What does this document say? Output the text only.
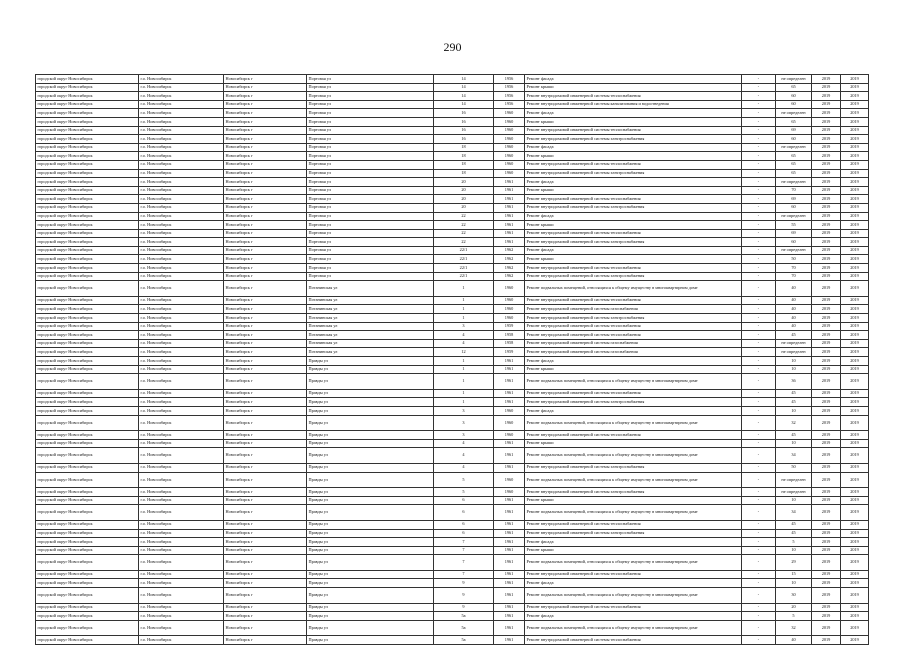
290
городской округ Новосибирск	г.о. Новосибирск	Новосибирск г	Портовая ул	14	1956	Ремонт фасада	-	не определен	2019	2019
городской округ Новосибирск	г.о. Новосибирск	Новосибирск г	Портовая ул	14	1956	Ремонт крыши	-	65	2019	2019
городской округ Новосибирск	г.о. Новосибирск	Новосибирск г	Портовая ул	14	1956	Ремонт внутридомовой инженерной системы теплоснабжения	-	60	2019	2019
городской округ Новосибирск	г.о. Новосибирск	Новосибирск г	Портовая ул	14	1956	Ремонт внутридомовой инженерной системы канализования и водоотведения	-	60	2019	2019
городской округ Новосибирск	г.о. Новосибирск	Новосибирск г	Портовая ул	16	1960	Ремонт фасада	-	не определен	2019	2019
городской округ Новосибирск	г.о. Новосибирск	Новосибирск г	Портовая ул	16	1960	Ремонт крыши	-	65	2019	2019
городской округ Новосибирск	г.о. Новосибирск	Новосибирск г	Портовая ул	16	1960	Ремонт внутридомовой инженерной системы теплоснабжения	-	69	2019	2019
городской округ Новосибирск	г.о. Новосибирск	Новосибирск г	Портовая ул	16	1960	Ремонт внутридомовой инженерной системы электроснабжения	-	60	2019	2019
городской округ Новосибирск	г.о. Новосибирск	Новосибирск г	Портовая ул	18	1960	Ремонт фасада	-	не определен	2019	2019
городской округ Новосибирск	г.о. Новосибирск	Новосибирск г	Портовая ул	18	1960	Ремонт крыши	-	65	2019	2019
городской округ Новосибирск	г.о. Новосибирск	Новосибирск г	Портовая ул	18	1960	Ремонт внутридомовой инженерной системы теплоснабжения	-	65	2019	2019
городской округ Новосибирск	г.о. Новосибирск	Новосибирск г	Портовая ул	18	1960	Ремонт внутридомовой инженерной системы электроснабжения	-	65	2019	2019
городской округ Новосибирск	г.о. Новосибирск	Новосибирск г	Портовая ул	20	1961	Ремонт фасада	-	не определен	2019	2019
городской округ Новосибирск	г.о. Новосибирск	Новосибирск г	Портовая ул	20	1961	Ремонт крыши	-	70	2019	2019
городской округ Новосибирск	г.о. Новосибирск	Новосибирск г	Портовая ул	20	1961	Ремонт внутридомовой инженерной системы теплоснабжения	-	69	2019	2019
городской округ Новосибирск	г.о. Новосибирск	Новосибирск г	Портовая ул	20	1961	Ремонт внутридомовой инженерной системы электроснабжения	-	60	2019	2019
городской округ Новосибирск	г.о. Новосибирск	Новосибирск г	Портовая ул	22	1961	Ремонт фасада	-	не определен	2019	2019
городской округ Новосибирск	г.о. Новосибирск	Новосибирск г	Портовая ул	22	1961	Ремонт крыши	-	55	2019	2019
городской округ Новосибирск	г.о. Новосибирск	Новосибирск г	Портовая ул	22	1961	Ремонт внутридомовой инженерной системы теплоснабжения	-	69	2019	2019
городской округ Новосибирск	г.о. Новосибирск	Новосибирск г	Портовая ул	22	1961	Ремонт внутридомовой инженерной системы электроснабжения	-	60	2019	2019
городской округ Новосибирск	г.о. Новосибирск	Новосибирск г	Портовая ул	22/1	1962	Ремонт фасада	-	не определен	2019	2019
городской округ Новосибирск	г.о. Новосибирск	Новосибирск г	Портовая ул	22/1	1962	Ремонт крыши	-	50	2019	2019
городской округ Новосибирск	г.о. Новосибирск	Новосибирск г	Портовая ул	22/1	1962	Ремонт внутридомовой инженерной системы теплоснабжения	-	70	2019	2019
городской округ Новосибирск	г.о. Новосибирск	Новосибирск г	Портовая ул	22/1	1962	Ремонт внутридомовой инженерной системы электроснабжения	-	70	2019	2019
городской округ Новосибирск	г.о. Новосибирск	Новосибирск г	Потанинская ул	1	1960	Ремонт подвальных помещений, относящихся к общему имуществу в многоквартирном доме	-	40	2019	2019
городской округ Новосибирск	г.о. Новосибирск	Новосибирск г	Потанинская ул	1	1960	Ремонт внутридомовой инженерной системы теплоснабжения	-	40	2019	2019
городской округ Новосибирск	г.о. Новосибирск	Новосибирск г	Потанинская ул	1	1960	Ремонт внутридомовой инженерной системы газоснабжения	-	40	2019	2019
городской округ Новосибирск	г.о. Новосибирск	Новосибирск г	Потанинская ул	1	1960	Ремонт внутридомовой инженерной системы электроснабжения	-	40	2019	2019
городской округ Новосибирск	г.о. Новосибирск	Новосибирск г	Потанинская ул	3	1959	Ремонт внутридомовой инженерной системы теплоснабжения	-	40	2019	2019
городской округ Новосибирск	г.о. Новосибирск	Новосибирск г	Потанинская ул	4	1958	Ремонт внутридомовой инженерной системы теплоснабжения	-	45	2019	2019
городской округ Новосибирск	г.о. Новосибирск	Новосибирск г	Потанинская ул	4	1958	Ремонт внутридомовой инженерной системы газоснабжения	-	не определен	2019	2019
городской округ Новосибирск	г.о. Новосибирск	Новосибирск г	Потанинская ул	12	1959	Ремонт внутридомовой инженерной системы газоснабжения	-	не определен	2019	2019
городской округ Новосибирск	г.о. Новосибирск	Новосибирск г	Правды ул	1	1961	Ремонт фасада	-	10	2019	2019
городской округ Новосибирск	г.о. Новосибирск	Новосибирск г	Правды ул	1	1961	Ремонт крыши	-	10	2019	2019
городской округ Новосибирск	г.о. Новосибирск	Новосибирск г	Правды ул	1	1961	Ремонт подвальных помещений, относящихся к общему имуществу в многоквартирном доме	-	36	2019	2019
городской округ Новосибирск	г.о. Новосибирск	Новосибирск г	Правды ул	1	1961	Ремонт внутридомовой инженерной системы теплоснабжения	-	45	2019	2019
городской округ Новосибирск	г.о. Новосибирск	Новосибирск г	Правды ул	1	1961	Ремонт внутридомовой инженерной системы электроснабжения	-	45	2019	2019
городской округ Новосибирск	г.о. Новосибирск	Новосибирск г	Правды ул	3	1960	Ремонт фасада	-	10	2019	2019
городской округ Новосибирск	г.о. Новосибирск	Новосибирск г	Правды ул	3	1960	Ремонт подвальных помещений, относящихся к общему имуществу в многоквартирном доме	-	32	2019	2019
городской округ Новосибирск	г.о. Новосибирск	Новосибирск г	Правды ул	3	1960	Ремонт внутридомовой инженерной системы теплоснабжения	-	45	2019	2019
городской округ Новосибирск	г.о. Новосибирск	Новосибирск г	Правды ул	4	1961	Ремонт крыши	-	10	2019	2019
городской округ Новосибирск	г.о. Новосибирск	Новосибирск г	Правды ул	4	1961	Ремонт подвальных помещений, относящихся к общему имуществу в многоквартирном доме	-	34	2019	2019
городской округ Новосибирск	г.о. Новосибирск	Новосибирск г	Правды ул	4	1961	Ремонт внутридомовой инженерной системы электроснабжения	-	50	2019	2019
городской округ Новосибирск	г.о. Новосибирск	Новосибирск г	Правды ул	5	1960	Ремонт подвальных помещений, относящихся к общему имуществу в многоквартирном доме	-	не определен	2019	2019
городской округ Новосибирск	г.о. Новосибирск	Новосибирск г	Правды ул	5	1960	Ремонт внутридомовой инженерной системы электроснабжения	-	не определен	2019	2019
городской округ Новосибирск	г.о. Новосибирск	Новосибирск г	Правды ул	6	1961	Ремонт крыши	-	10	2019	2019
городской округ Новосибирск	г.о. Новосибирск	Новосибирск г	Правды ул	6	1961	Ремонт подвальных помещений, относящихся к общему имуществу в многоквартирном доме	-	34	2019	2019
городской округ Новосибирск	г.о. Новосибирск	Новосибирск г	Правды ул	6	1961	Ремонт внутридомовой инженерной системы теплоснабжения	-	45	2019	2019
городской округ Новосибирск	г.о. Новосибирск	Новосибирск г	Правды ул	6	1961	Ремонт внутридомовой инженерной системы электроснабжения	-	45	2019	2019
городской округ Новосибирск	г.о. Новосибирск	Новосибирск г	Правды ул	7	1961	Ремонт фасада	-	5	2019	2019
городской округ Новосибирск	г.о. Новосибирск	Новосибирск г	Правды ул	7	1961	Ремонт крыши	-	10	2019	2019
городской округ Новосибирск	г.о. Новосибирск	Новосибирск г	Правды ул	7	1961	Ремонт подвальных помещений, относящихся к общему имуществу в многоквартирном доме	-	29	2019	2019
городской округ Новосибирск	г.о. Новосибирск	Новосибирск г	Правды ул	7	1961	Ремонт внутридомовой инженерной системы теплоснабжения	-	15	2019	2019
городской округ Новосибирск	г.о. Новосибирск	Новосибирск г	Правды ул	9	1961	Ремонт фасада	-	10	2019	2019
городской округ Новосибирск	г.о. Новосибирск	Новосибирск г	Правды ул	9	1961	Ремонт подвальных помещений, относящихся к общему имуществу в многоквартирном доме	-	30	2019	2019
городской округ Новосибирск	г.о. Новосибирск	Новосибирск г	Правды ул	9	1961	Ремонт внутридомовой инженерной системы теплоснабжения	-	20	2019	2019
городской округ Новосибирск	г.о. Новосибирск	Новосибирск г	Правды ул	5а	1961	Ремонт фасада	-	5	2019	2019
городской округ Новосибирск	г.о. Новосибирск	Новосибирск г	Правды ул	5а	1961	Ремонт подвальных помещений, относящихся к общему имуществу в многоквартирном доме	-	32	2019	2019
городской округ Новосибирск	г.о. Новосибирск	Новосибирск г	Правды ул	5а	1961	Ремонт внутридомовой инженерной системы теплоснабжения	-	40	2019	2019
